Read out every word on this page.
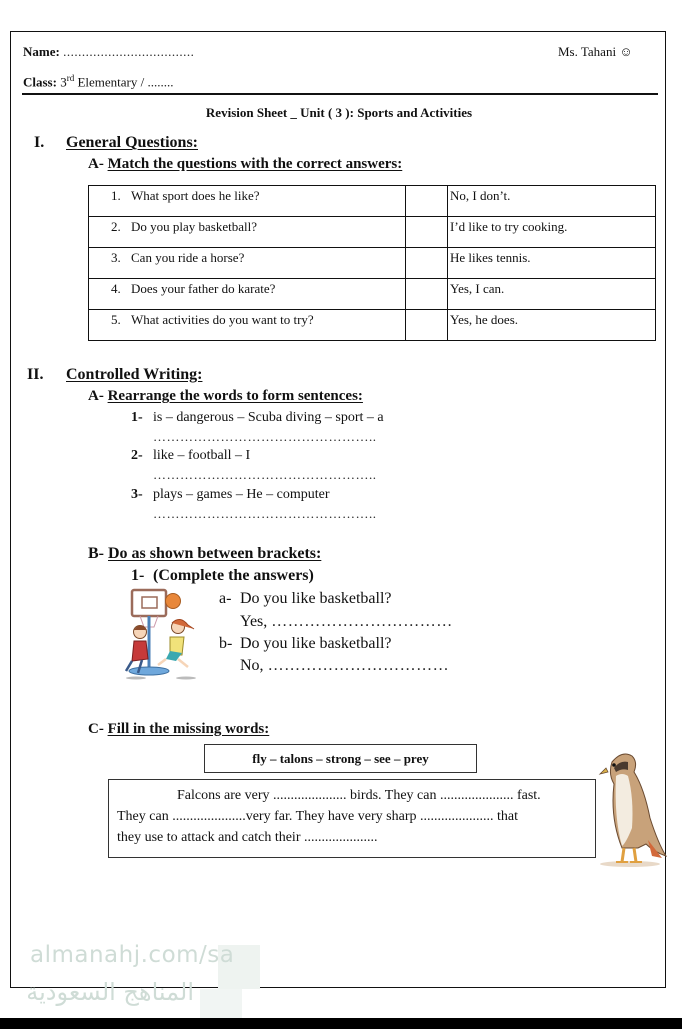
Name: ...................................	Ms. Tahani ☺
Class: 3rd Elementary / ........
Revision Sheet _ Unit ( 3 ): Sports and Activities
I. General Questions:
A- Match the questions with the correct answers:
1. What sport does he like?		No, I don’t.
2. Do you play basketball?		I’d like to try cooking.
3. Can you ride a horse?		He likes tennis.
4. Does your father do karate?		Yes, I can.
5. What activities do you want to try?		Yes, he does.
II. Controlled Writing:
A- Rearrange the words to form sentences:
1- is – dangerous – Scuba diving – sport – a
…………………………………………..
2- like – football – I
…………………………………………..
3- plays – games – He – computer
…………………………………………..
B- Do as shown between brackets:
1- (Complete the answers)
a- Do you like basketball?
Yes, ……………………………
b- Do you like basketball?
No, ……………………………
C- Fill in the missing words:
fly – talons – strong – see – prey
Falcons are very ..................... birds. They can ..................... fast.
They can .....................very far. They have very sharp ..................... that
they use to attack and catch their .....................
almanahj.com/sa
المناهج السعودية
